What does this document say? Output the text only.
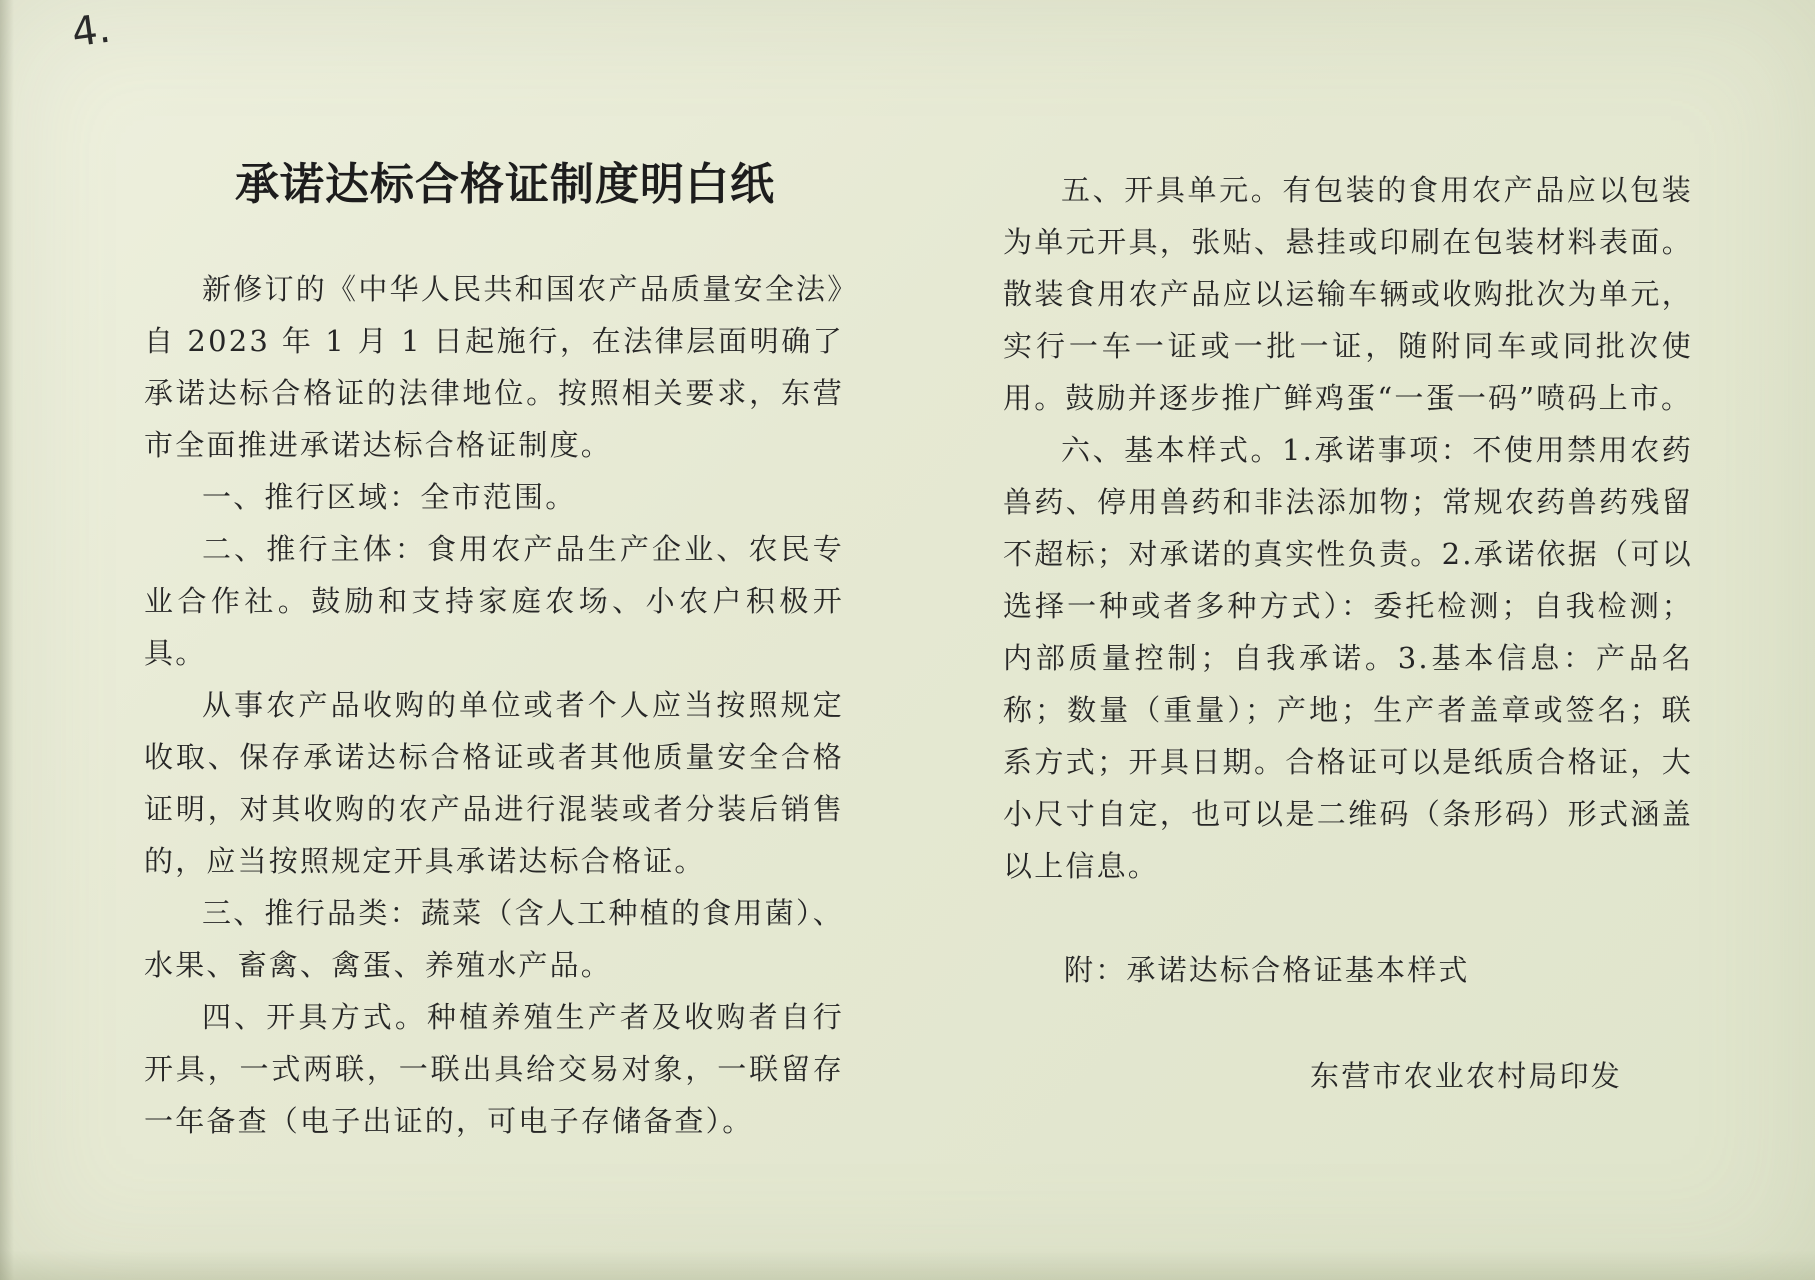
4.
承诺达标合格证制度明白纸

新修订的《中华人民共和国农产品质量安全法》自 2023 年 1 月 1 日起施行，在法律层面明确了承诺达标合格证的法律地位。按照相关要求，东营市全面推进承诺达标合格证制度。

一、推行区域：全市范围。

二、推行主体：食用农产品生产企业、农民专业合作社。鼓励和支持家庭农场、小农户积极开具。

从事农产品收购的单位或者个人应当按照规定收取、保存承诺达标合格证或者其他质量安全合格证明，对其收购的农产品进行混装或者分装后销售的，应当按照规定开具承诺达标合格证。

三、推行品类：蔬菜（含人工种植的食用菌）、水果、畜禽、禽蛋、养殖水产品。

四、开具方式。种植养殖生产者及收购者自行开具，一式两联，一联出具给交易对象，一联留存一年备查（电子出证的，可电子存储备查）。

五、开具单元。有包装的食用农产品应以包装为单元开具，张贴、悬挂或印刷在包装材料表面。散装食用农产品应以运输车辆或收购批次为单元，实行一车一证或一批一证，随附同车或同批次使用。鼓励并逐步推广鲜鸡蛋“一蛋一码”喷码上市。

六、基本样式。1.承诺事项：不使用禁用农药兽药、停用兽药和非法添加物；常规农药兽药残留不超标；对承诺的真实性负责。2.承诺依据（可以选择一种或者多种方式）：委托检测；自我检测；内部质量控制；自我承诺。3.基本信息：产品名称；数量（重量）；产地；生产者盖章或签名；联系方式；开具日期。合格证可以是纸质合格证，大小尺寸自定，也可以是二维码（条形码）形式涵盖以上信息。

附：承诺达标合格证基本样式
东营市农业农村局印发
